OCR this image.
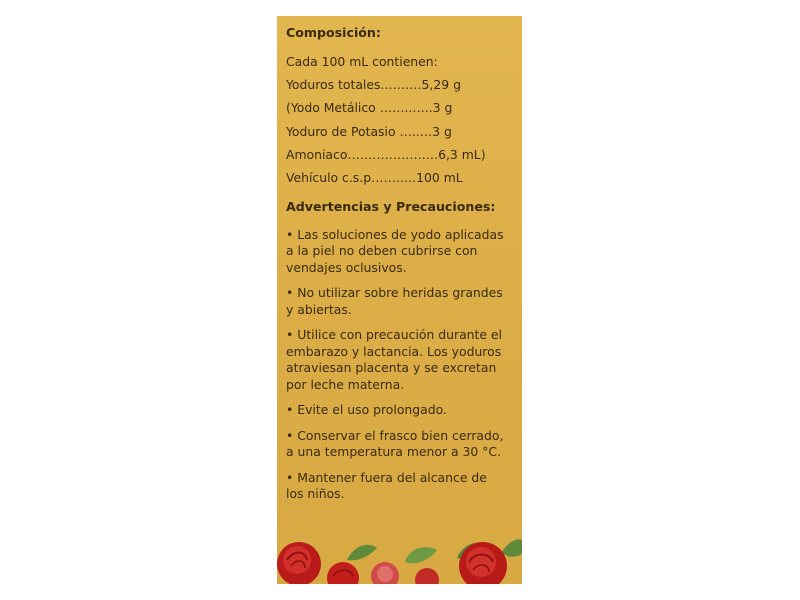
Composición:
Cada 100 mL contienen:
Yoduros totales.………5,29 g
(Yodo Metálico ……..…..3 g
Yoduro de Potasio …..…3 g
Amoniaco……………….…6,3 mL)
Vehículo c.s.p………..100 mL
Advertencias y Precauciones:
• Las soluciones de yodo aplicadas
a la piel no deben cubrirse con
vendajes oclusivos.
• No utilizar sobre heridas grandes
y abiertas.
• Utilice con precaución durante el
embarazo y lactancia. Los yoduros
atraviesan placenta y se excretan
por leche materna.
• Evite el uso prolongado.
• Conservar el frasco bien cerrado,
a una temperatura menor a 30 °C.
• Mantener fuera del alcance de
los niños.
